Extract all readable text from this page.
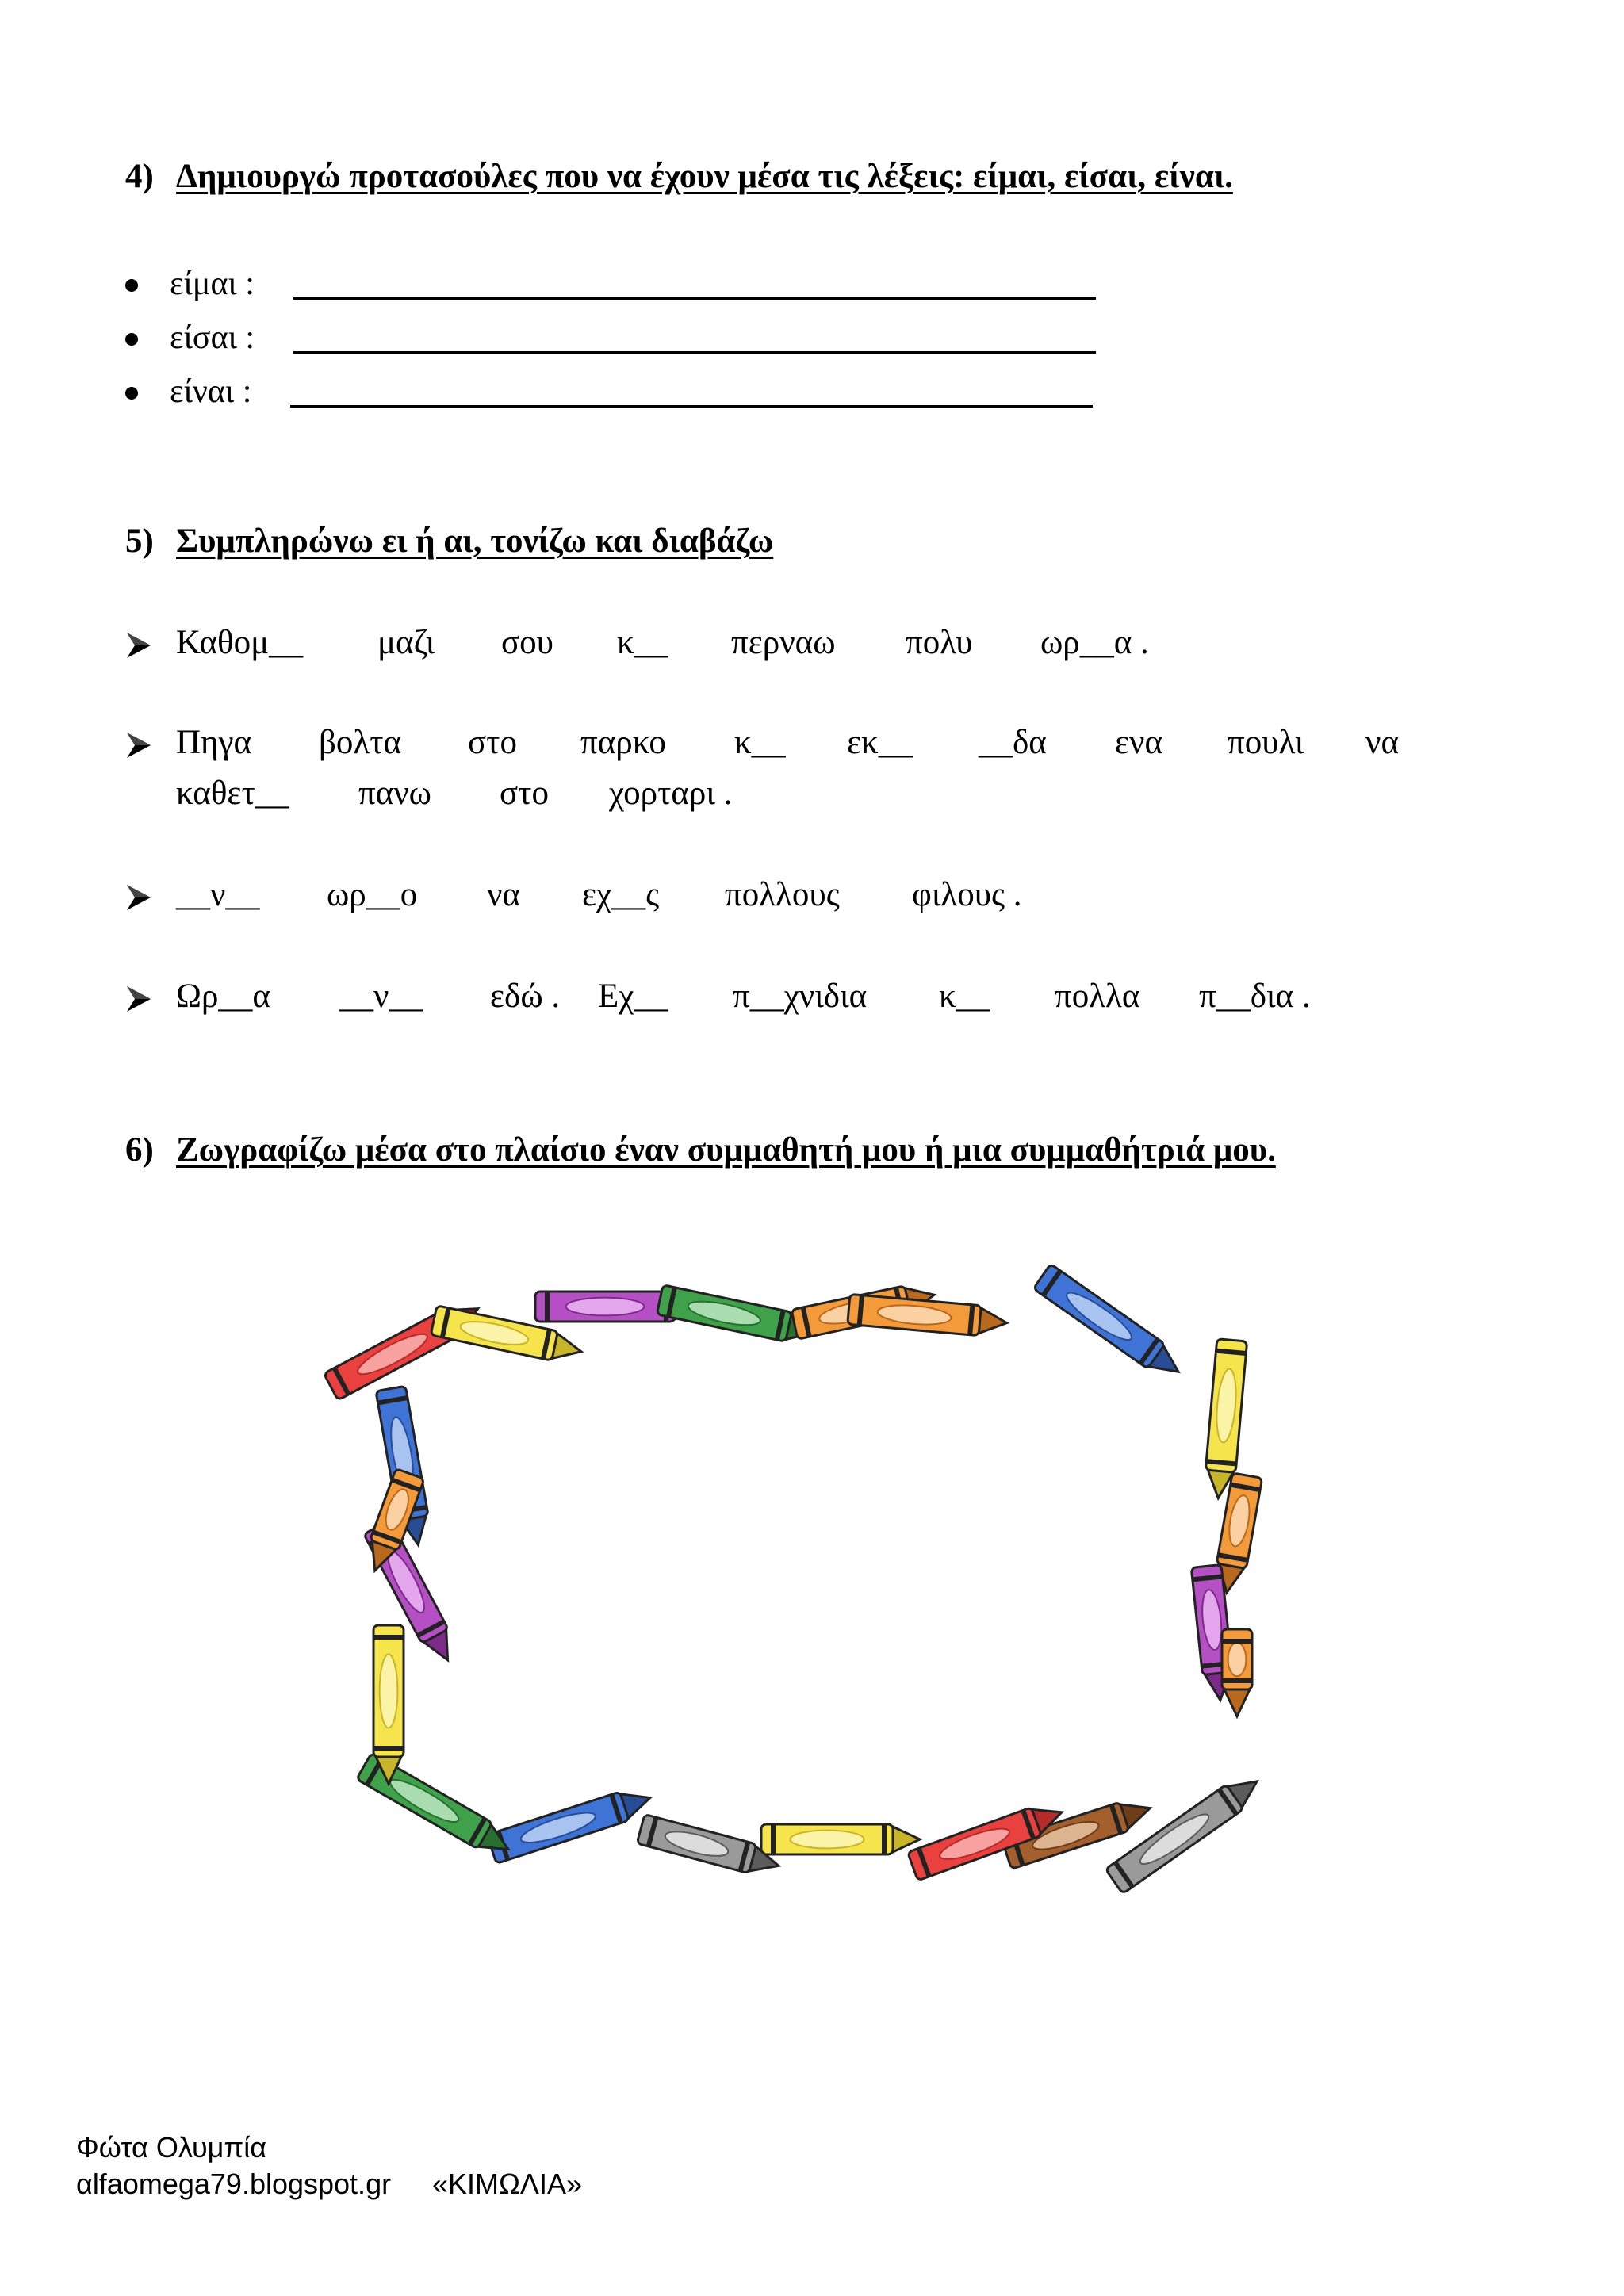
4) Δημιουργώ προτασούλες που να έχουν μέσα τις λέξεις: είμαι, είσαι, είναι.
είμαι :
είσαι :
είναι :
5) Συμπληρώνω ει ή αι, τονίζω και διαβάζω
Καθομ__ μαζι σου κ__ περναω πολυ ωρ__α .
Πηγα βολτα στο παρκο κ__ εκ__ __δα ενα πουλι να
καθετ__ πανω στο χορταρι .
__ν__ ωρ__ο να εχ__ς πολλους φιλους .
Ωρ__α __ν__ εδώ . Εχ__ π__χνιδια κ__ πολλα π__δια .
6) Ζωγραφίζω μέσα στο πλαίσιο έναν συμμαθητή μου ή μια συμμαθήτριά μου.
Φώτα Ολυμπία
αlfaomega79.blogspot.gr «ΚΙΜΩΛΙΑ»
